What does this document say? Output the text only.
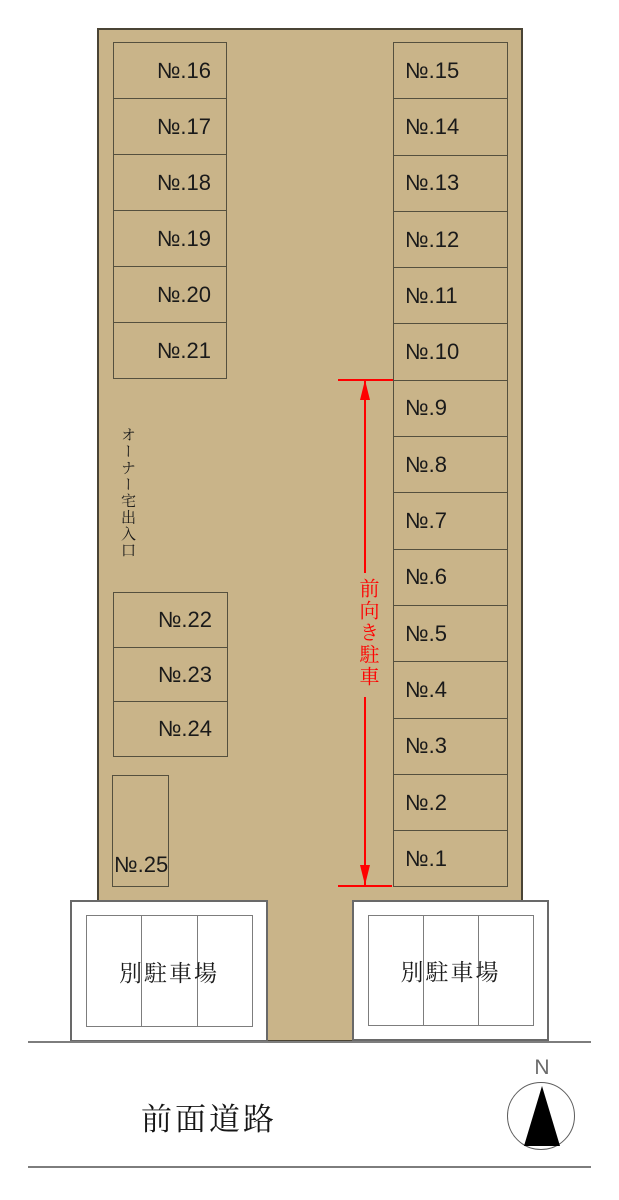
№.16
№.17
№.18
№.19
№.20
№.21
№.22
№.23
№.24
№.15
№.14
№.13
№.12
№.11
№.10
№.9
№.8
№.7
№.6
№.5
№.4
№.3
№.2
№.1
№.25
オーナー宅出入口
前向き駐車
別駐車場	別駐車場
前面道路
N
